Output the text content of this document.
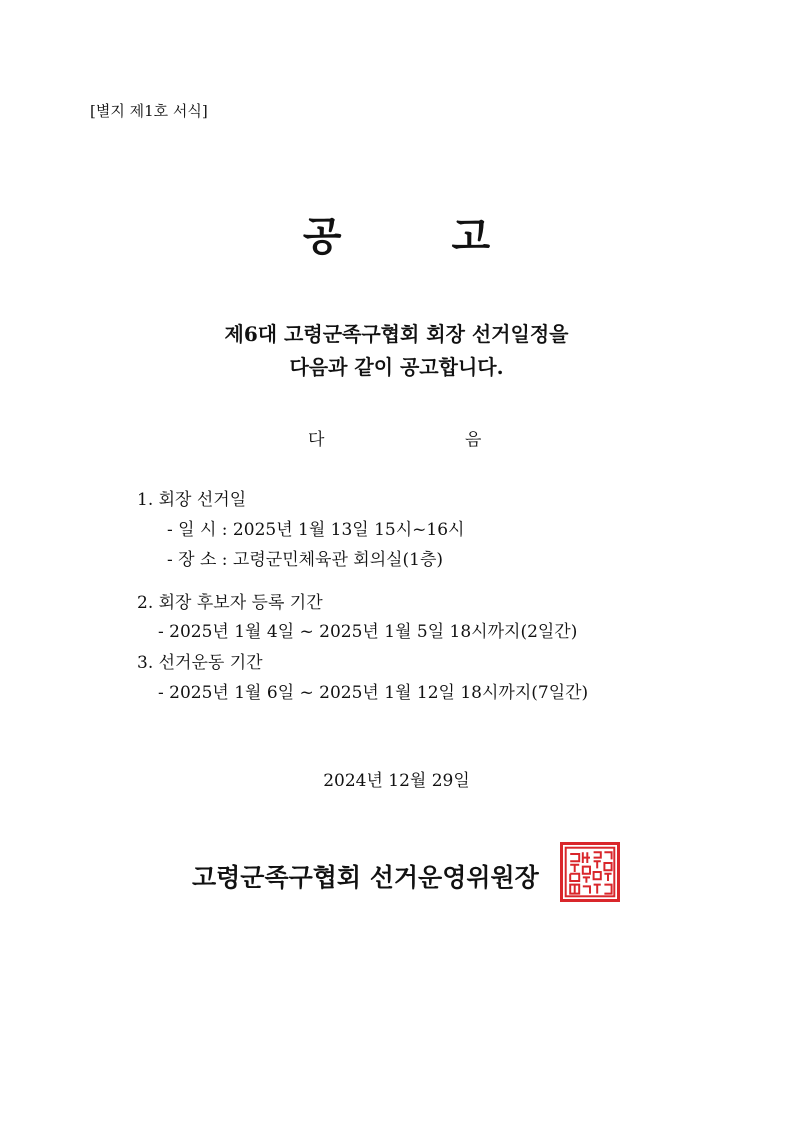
[별지 제1호 서식]
공	고
제6대 고령군족구협회 회장 선거일정을
다음과 같이 공고합니다.
다	음
1. 회장 선거일
- 일 시 : 2025년 1월 13일 15시~16시
- 장 소 : 고령군민체육관 회의실(1층)
2. 회장 후보자 등록 기간
- 2025년 1월 4일 ~ 2025년 1월 5일 18시까지(2일간)
3. 선거운동 기간
- 2025년 1월 6일 ~ 2025년 1월 12일 18시까지(7일간)
2024년 12월 29일
고령군족구협회 선거운영위원장
